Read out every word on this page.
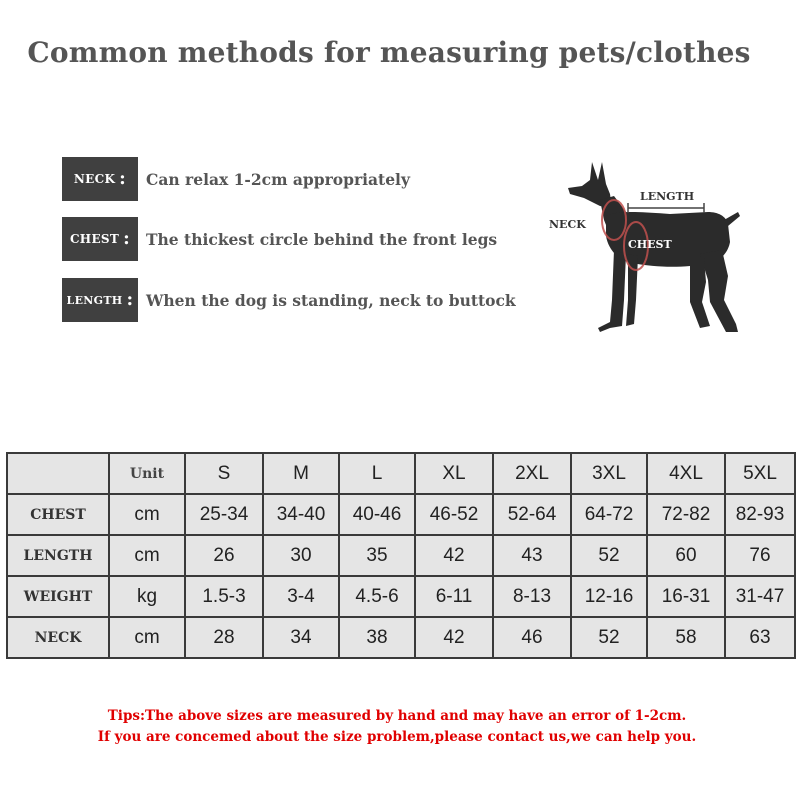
Common methods for measuring pets/clothes
NECK : Can relax 1-2cm appropriately
CHEST : The thickest circle behind the front legs
LENGTH : When the dog is standing, neck to buttock
LENGTH
NECK
CHEST
	Unit	S	M	L	XL	2XL	3XL	4XL	5XL
CHEST	cm	25-34	34-40	40-46	46-52	52-64	64-72	72-82	82-93
LENGTH	cm	26	30	35	42	43	52	60	76
WEIGHT	kg	1.5-3	3-4	4.5-6	6-11	8-13	12-16	16-31	31-47
NECK	cm	28	34	38	42	46	52	58	63
Tips:The above sizes are measured by hand and may have an error of 1-2cm.
If you are concemed about the size problem,please contact us,we can help you.
